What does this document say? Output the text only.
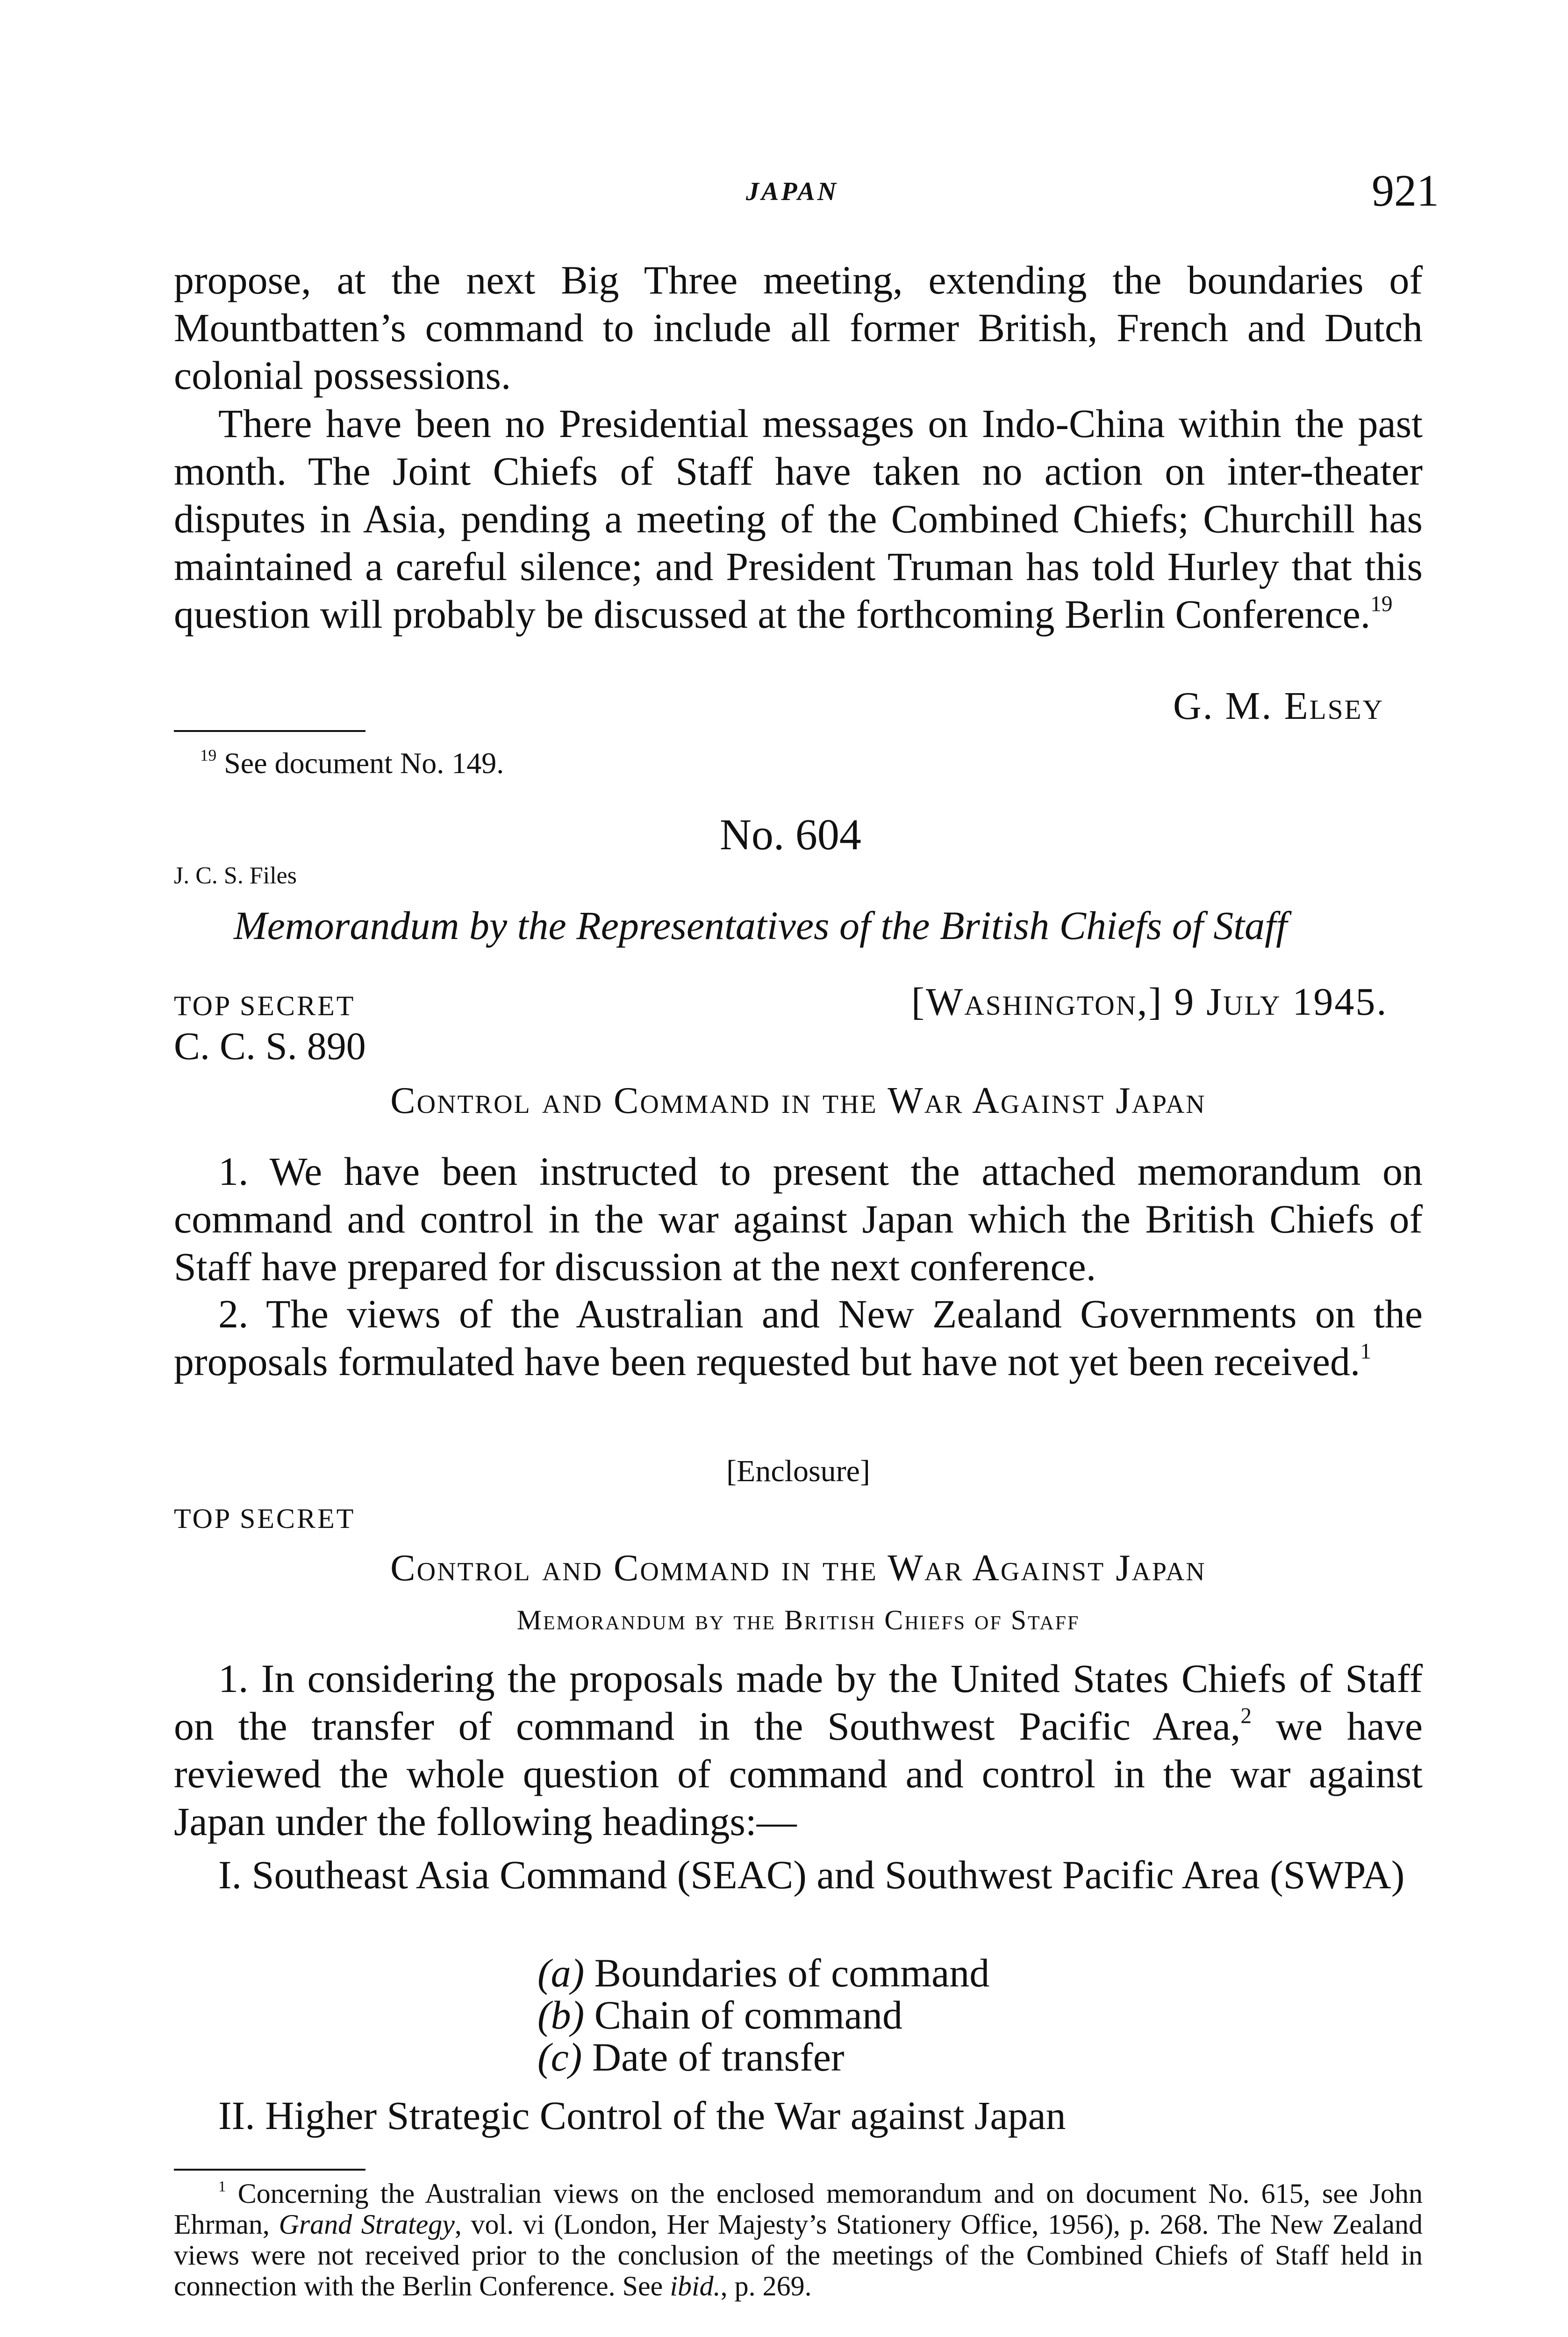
JAPAN	921

propose, at the next Big Three meeting, extending the boundaries of Mountbatten’s command to include all former British, French and Dutch colonial possessions.

There have been no Presidential messages on Indo-China within the past month. The Joint Chiefs of Staff have taken no action on inter-theater disputes in Asia, pending a meeting of the Combined Chiefs; Churchill has maintained a careful silence; and President Truman has told Hurley that this question will probably be discussed at the forthcoming Berlin Conference.$^{19}$

G. M. Elsey
$^{19}$ See document No. 149.
No. 604
J. C. S. Files
Memorandum by the Representatives of the British Chiefs of Staff
TOP SECRET	[Washington,] 9 July 1945.
C. C. S. 890
Control and Command in the War Against Japan

1. We have been instructed to present the attached memorandum on command and control in the war against Japan which the British Chiefs of Staff have prepared for discussion at the next conference.

2. The views of the Australian and New Zealand Governments on the proposals formulated have been requested but have not yet been received.$^1$

[Enclosure]
TOP SECRET
Control and Command in the War Against Japan
Memorandum by the British Chiefs of Staff

1. In considering the proposals made by the United States Chiefs of Staff on the transfer of command in the Southwest Pacific Area,$^2$ we have reviewed the whole question of command and control in the war against Japan under the following headings:—

I. Southeast Asia Command (SEAC) and Southwest Pacific Area (SWPA)

(a) Boundaries of command
(b) Chain of command
(c) Date of transfer

II. Higher Strategic Control of the War against Japan

$^1$ Concerning the Australian views on the enclosed memorandum and on document No. 615, see John Ehrman, Grand Strategy, vol. vi (London, Her Majesty’s Stationery Office, 1956), p. 268. The New Zealand views were not received prior to the conclusion of the meetings of the Combined Chiefs of Staff held in connection with the Berlin Conference. See ibid., p. 269.
